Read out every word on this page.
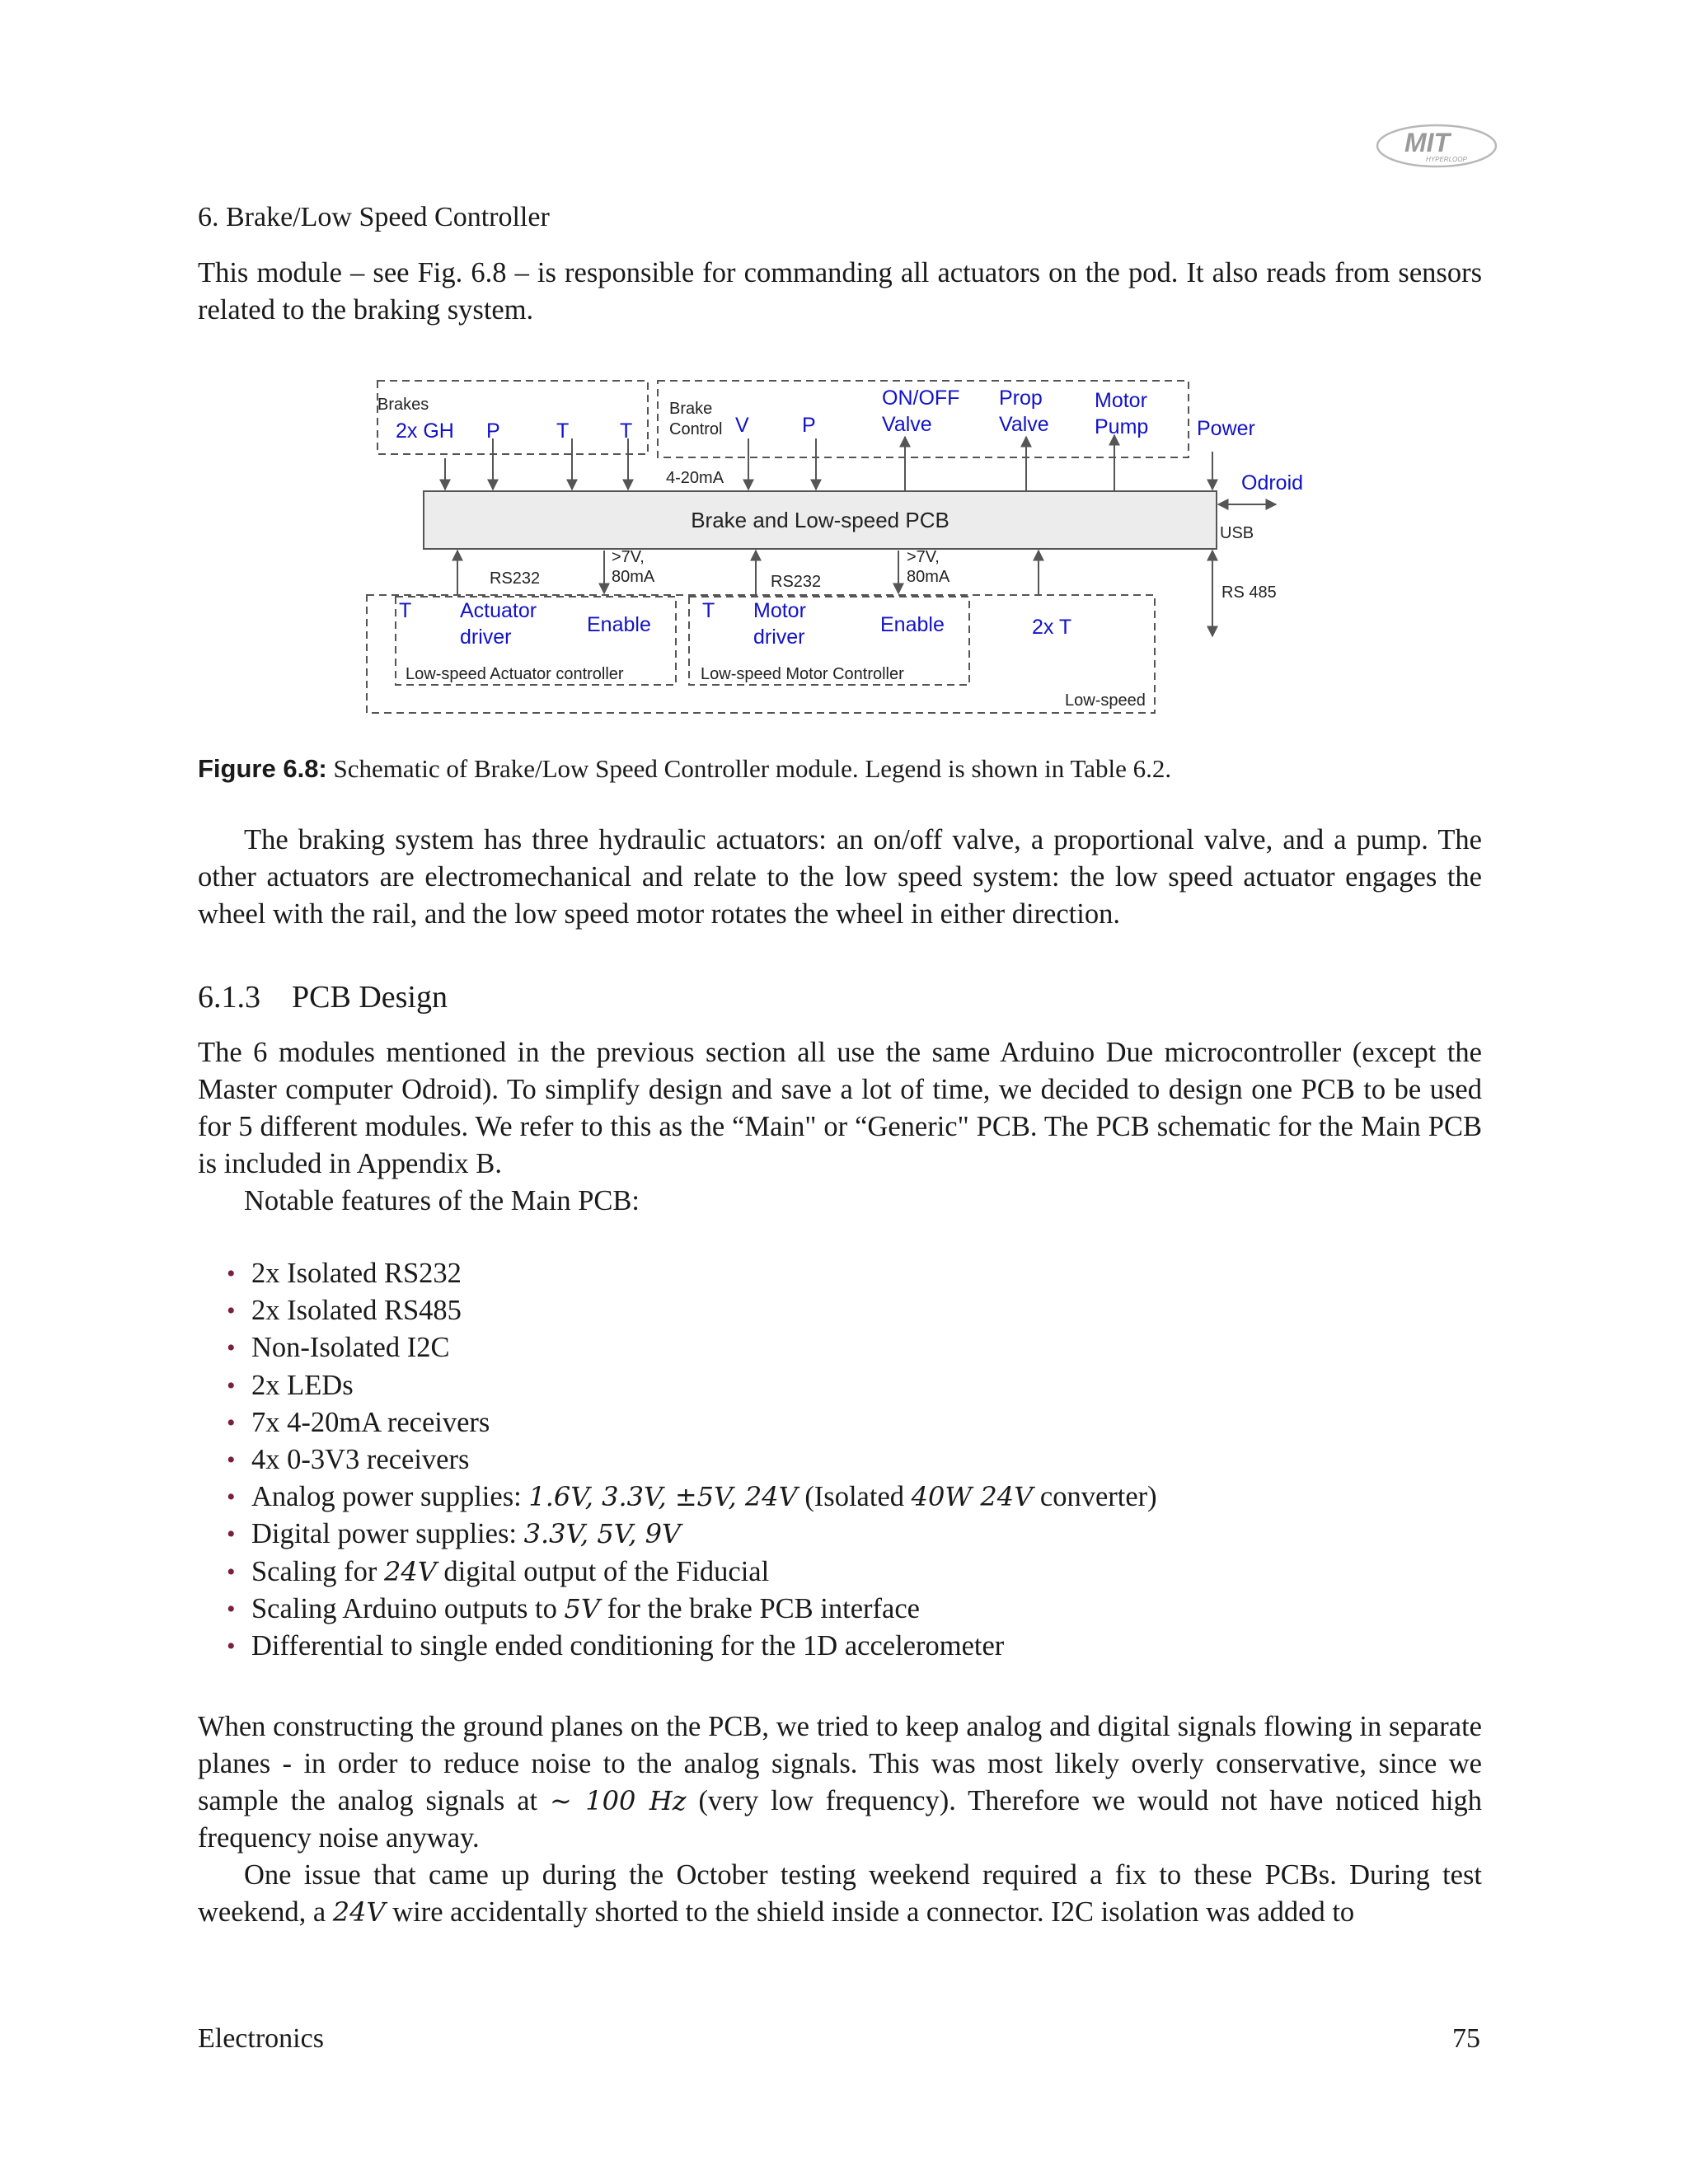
MIT
HYPERLOOP
6. Brake/Low Speed Controller

This module – see Fig. 6.8 – is responsible for commanding all actuators on the pod. It also reads from sensors related to the braking system.

Brake and Low-speed PCB
Brakes
2x GH P	T T
Brake
Control V	P
ON/OFF
Valve
Prop
Valve
Motor
Pump Power
Odroid
USB
RS 485
4-20mA
RS232
>7V,
80mA	RS232
>7V,
80mA
T Actuator
driver
Enable
Low-speed Actuator controller
T Motor
driver
Enable
Low-speed Motor Controller
2x T
Low-speed
Figure 6.8: Schematic of Brake/Low Speed Controller module. Legend is shown in Table 6.2.

The braking system has three hydraulic actuators: an on/off valve, a proportional valve, and a pump. The other actuators are electromechanical and relate to the low speed system: the low speed actuator engages the wheel with the rail, and the low speed motor rotates the wheel in either direction.

6.1.3 PCB Design

The 6 modules mentioned in the previous section all use the same Arduino Due microcontroller (except the Master computer Odroid). To simplify design and save a lot of time, we decided to design one PCB to be used for 5 different modules. We refer to this as the “Main" or “Generic" PCB. The PCB schematic for the Main PCB is included in Appendix B.

Notable features of the Main PCB:

• 2x Isolated RS232
• 2x Isolated RS485
• Non-Isolated I2C
• 2x LEDs
• 7x 4-20mA receivers
• 4x 0-3V3 receivers
• Analog power supplies: 1.6V, 3.3V, ±5V, 24V (Isolated 40W 24V converter)
• Digital power supplies: 3.3V, 5V, 9V
• Scaling for 24V digital output of the Fiducial
• Scaling Arduino outputs to 5V for the brake PCB interface
• Differential to single ended conditioning for the 1D accelerometer

When constructing the ground planes on the PCB, we tried to keep analog and digital signals flowing in separate planes - in order to reduce noise to the analog signals. This was most likely overly conservative, since we sample the analog signals at ∼ 100 Hz (very low frequency). Therefore we would not have noticed high frequency noise anyway.

One issue that came up during the October testing weekend required a fix to these PCBs. During test weekend, a 24V wire accidentally shorted to the shield inside a connector. I2C isolation was added to

Electronics	75
